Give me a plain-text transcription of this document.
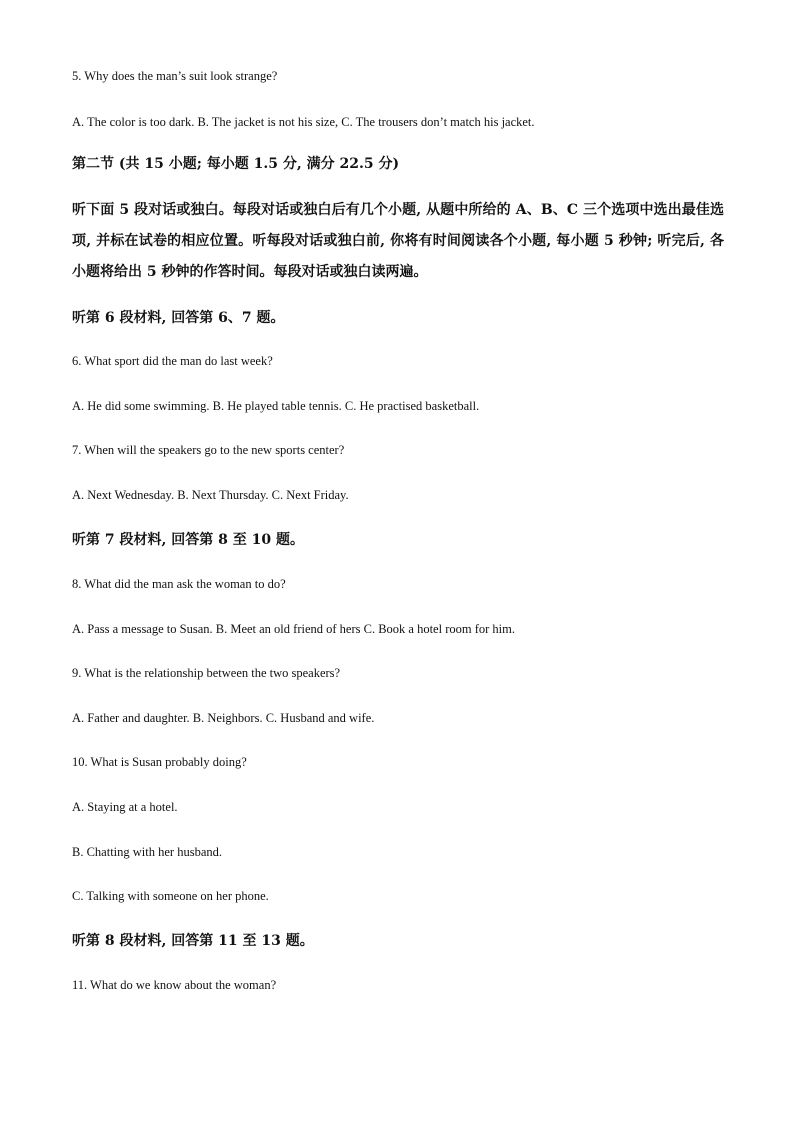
5. Why does the man’s suit look strange?
A. The color is too dark. B. The jacket is not his size, C. The trousers don’t match his jacket.
第二节 (共 15 小题; 每小题 1.5 分, 满分 22.5 分)
听下面 5 段对话或独白。每段对话或独白后有几个小题, 从题中所给的 A、B、C 三个选项中选出最佳选项, 并标在试卷的相应位置。听每段对话或独白前, 你将有时间阅读各个小题, 每小题 5 秒钟; 听完后, 各小题将给出 5 秒钟的作答时间。每段对话或独白读两遍。
听第 6 段材料, 回答第 6、7 题。
6. What sport did the man do last week?
A. He did some swimming. B. He played table tennis. C. He practised basketball.
7. When will the speakers go to the new sports center?
A. Next Wednesday. B. Next Thursday. C. Next Friday.
听第 7 段材料, 回答第 8 至 10 题。
8. What did the man ask the woman to do?
A. Pass a message to Susan. B. Meet an old friend of hers C. Book a hotel room for him.
9. What is the relationship between the two speakers?
A. Father and daughter. B. Neighbors. C. Husband and wife.
10. What is Susan probably doing?
A. Staying at a hotel.
B. Chatting with her husband.
C. Talking with someone on her phone.
听第 8 段材料, 回答第 11 至 13 题。
11. What do we know about the woman?
